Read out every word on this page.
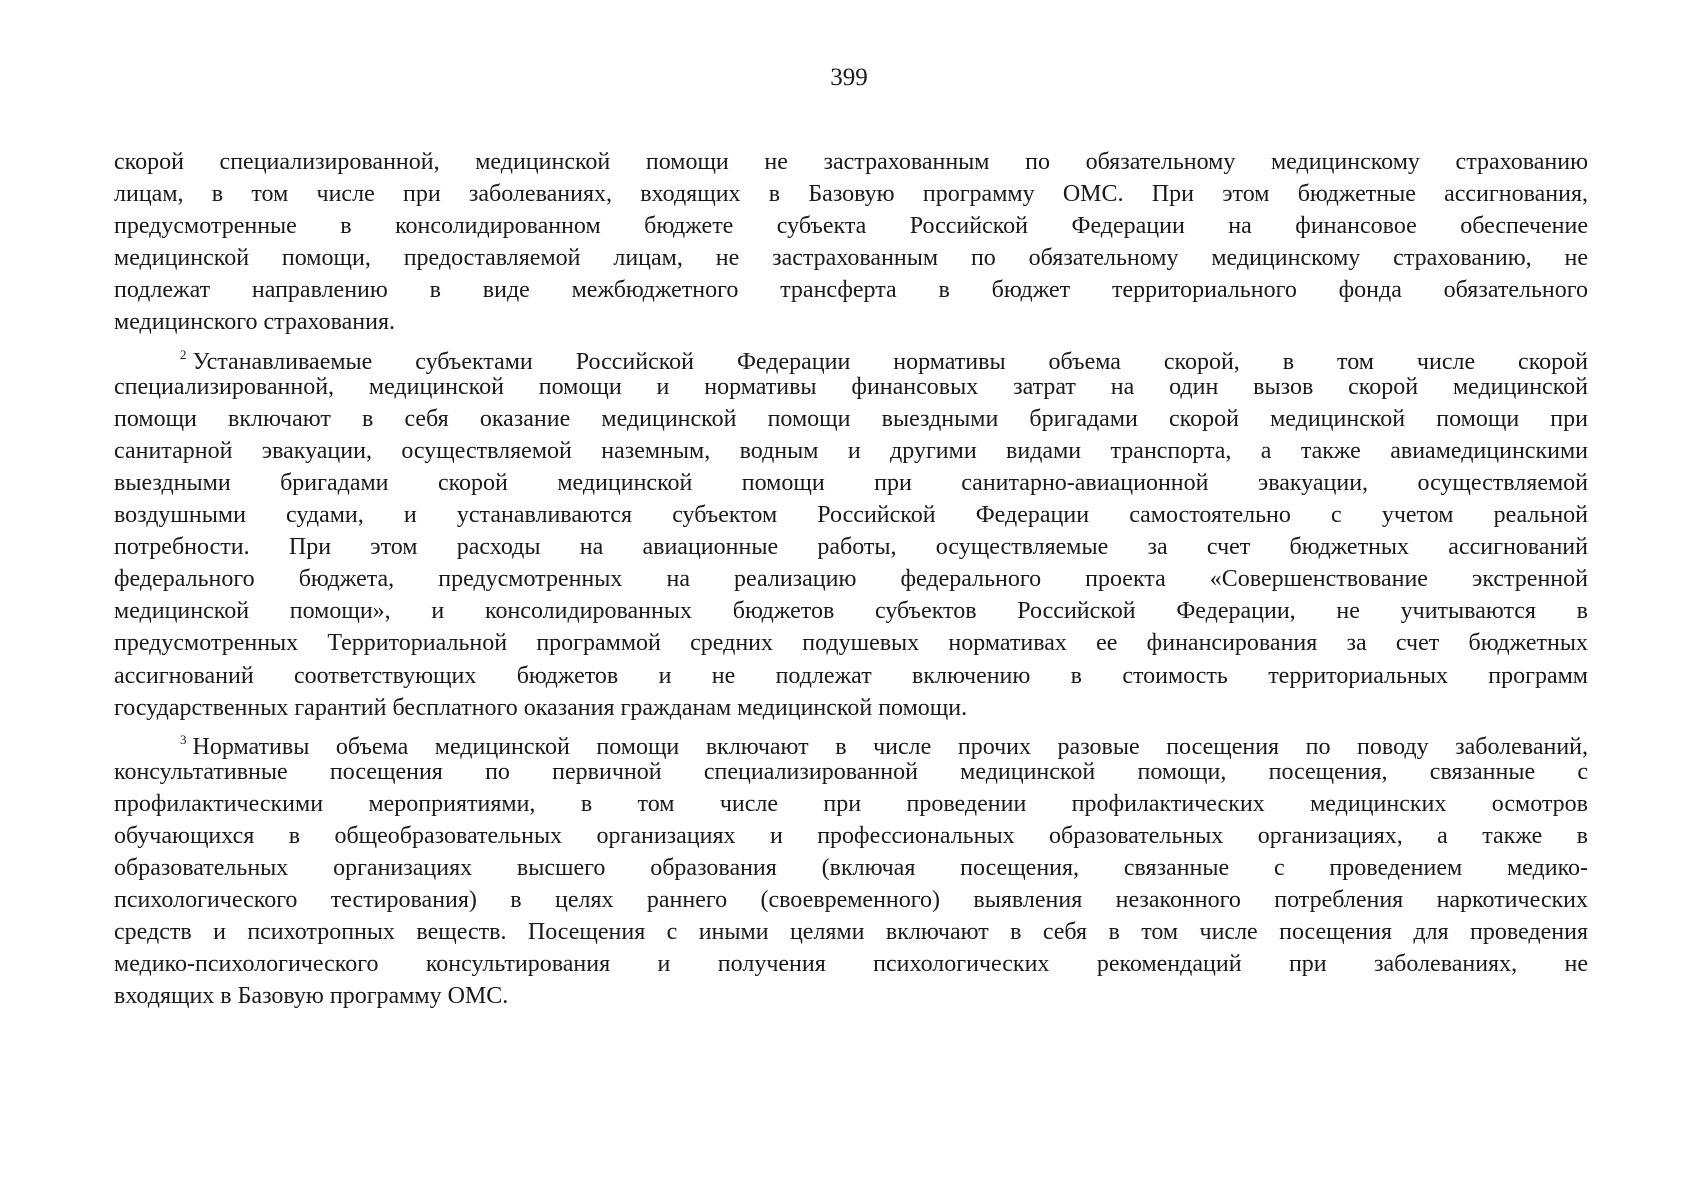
399
скорой специализированной, медицинской помощи не застрахованным по обязательному медицинскому страхованию
лицам, в том числе при заболеваниях, входящих в Базовую программу ОМС. При этом бюджетные ассигнования,
предусмотренные в консолидированном бюджете субъекта Российской Федерации на финансовое обеспечение
медицинской помощи, предоставляемой лицам, не застрахованным по обязательному медицинскому страхованию, не
подлежат направлению в виде межбюджетного трансферта в бюджет территориального фонда обязательного
медицинского страхования.
$^2$ Устанавливаемые субъектами Российской Федерации нормативы объема скорой, в том числе скорой
специализированной, медицинской помощи и нормативы финансовых затрат на один вызов скорой медицинской
помощи включают в себя оказание медицинской помощи выездными бригадами скорой медицинской помощи при
санитарной эвакуации, осуществляемой наземным, водным и другими видами транспорта, а также авиамедицинскими
выездными бригадами скорой медицинской помощи при санитарно-авиационной эвакуации, осуществляемой
воздушными судами, и устанавливаются субъектом Российской Федерации самостоятельно с учетом реальной
потребности. При этом расходы на авиационные работы, осуществляемые за счет бюджетных ассигнований
федерального бюджета, предусмотренных на реализацию федерального проекта «Совершенствование экстренной
медицинской помощи», и консолидированных бюджетов субъектов Российской Федерации, не учитываются в
предусмотренных Территориальной программой средних подушевых нормативах ее финансирования за счет бюджетных
ассигнований соответствующих бюджетов и не подлежат включению в стоимость территориальных программ
государственных гарантий бесплатного оказания гражданам медицинской помощи.
$^3$ Нормативы объема медицинской помощи включают в числе прочих разовые посещения по поводу заболеваний,
консультативные посещения по первичной специализированной медицинской помощи, посещения, связанные с
профилактическими мероприятиями, в том числе при проведении профилактических медицинских осмотров
обучающихся в общеобразовательных организациях и профессиональных образовательных организациях, а также в
образовательных организациях высшего образования (включая посещения, связанные с проведением медико-
психологического тестирования) в целях раннего (своевременного) выявления незаконного потребления наркотических
средств и психотропных веществ. Посещения с иными целями включают в себя в том числе посещения для проведения
медико-психологического консультирования и получения психологических рекомендаций при заболеваниях, не
входящих в Базовую программу ОМС.
